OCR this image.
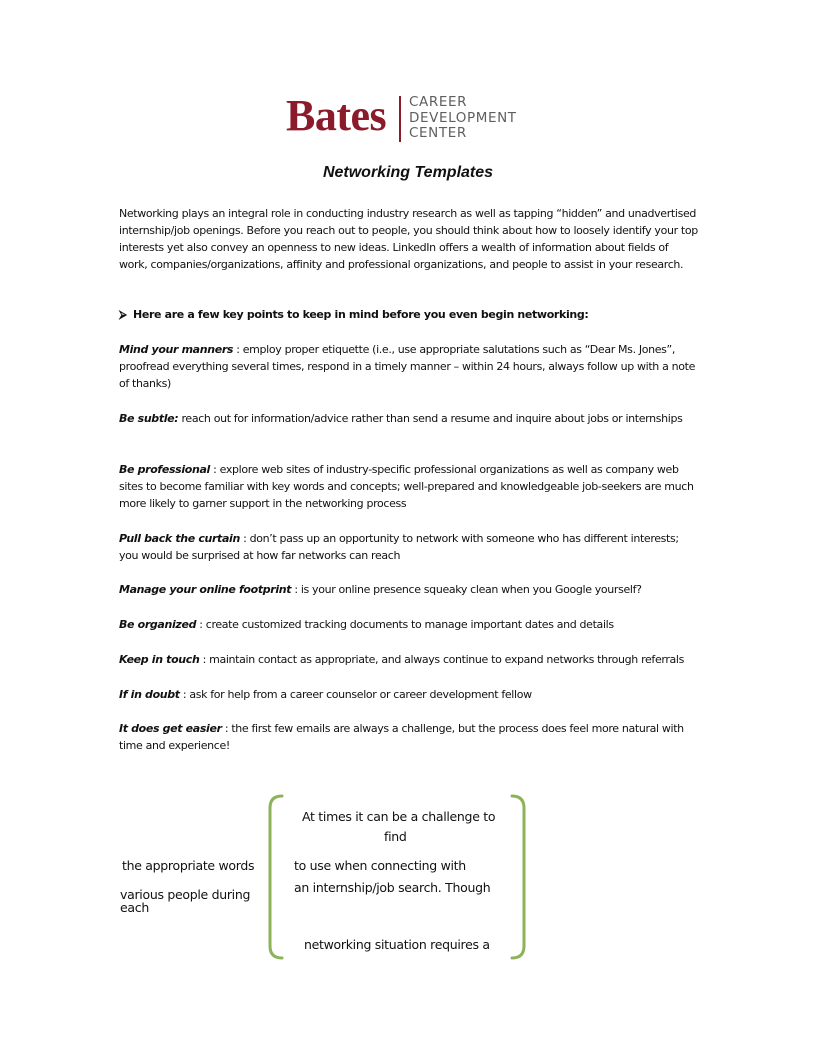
Bates CAREER
DEVELOPMENT
CENTER
Networking Templates
Networking plays an integral role in conducting industry research as well as tapping “hidden” and unadvertised internship/job openings. Before you reach out to people, you should think about how to loosely identify your top interests yet also convey an openness to new ideas. LinkedIn offers a wealth of information about fields of work, companies/organizations, affinity and professional organizations, and people to assist in your research.
⮚ Here are a few key points to keep in mind before you even begin networking:
Mind your manners : employ proper etiquette (i.e., use appropriate salutations such as “Dear Ms. Jones”, proofread everything several times, respond in a timely manner – within 24 hours, always follow up with a note of thanks)
Be subtle: reach out for information/advice rather than send a resume and inquire about jobs or internships
Be professional : explore web sites of industry-specific professional organizations as well as company web sites to become familiar with key words and concepts; well-prepared and knowledgeable job-seekers are much more likely to garner support in the networking process
Pull back the curtain : don’t pass up an opportunity to network with someone who has different interests; you would be surprised at how far networks can reach
Manage your online footprint : is your online presence squeaky clean when you Google yourself?
Be organized : create customized tracking documents to manage important dates and details
Keep in touch : maintain contact as appropriate, and always continue to expand networks through referrals
If in doubt : ask for help from a career counselor or career development fellow
It does get easier : the first few emails are always a challenge, but the process does feel more natural with time and experience!
At times it can be a challenge to
find
the appropriate words	to use when connecting with
an internship/job search. Though
various people during
each
networking situation requires a
